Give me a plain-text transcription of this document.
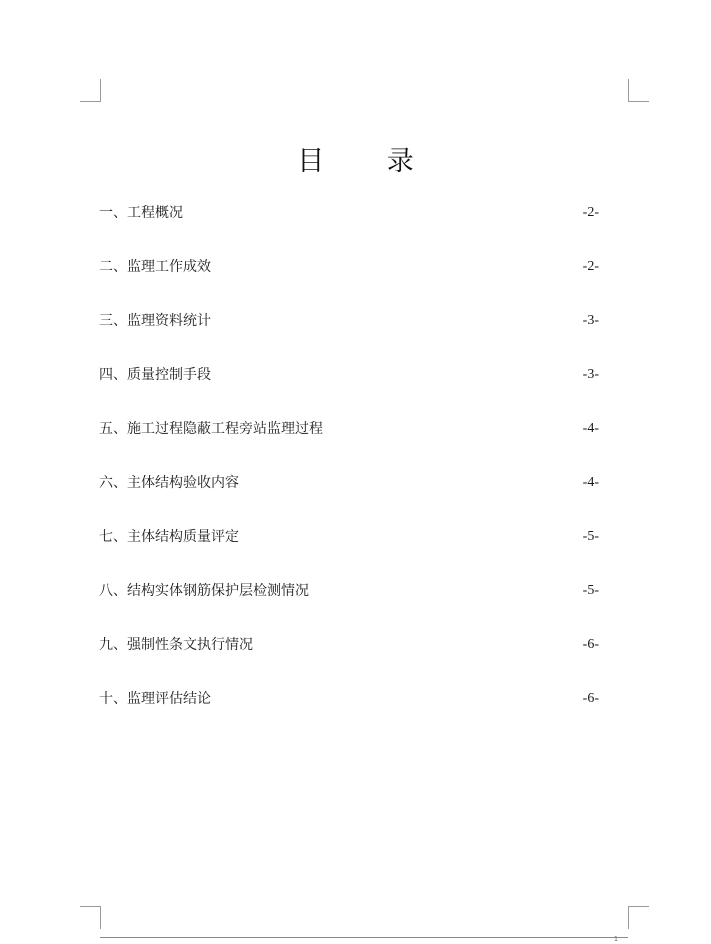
目 录
一、工程概况	-2-
二、监理工作成效	-2-
三、监理资料统计	-3-
四、质量控制手段	-3-
五、施工过程隐蔽工程旁站监理过程	-4-
六、主体结构验收内容	-4-
七、主体结构质量评定	-5-
八、结构实体钢筋保护层检测情况	-5-
九、强制性条文执行情况	-6-
十、监理评估结论	-6-
1
